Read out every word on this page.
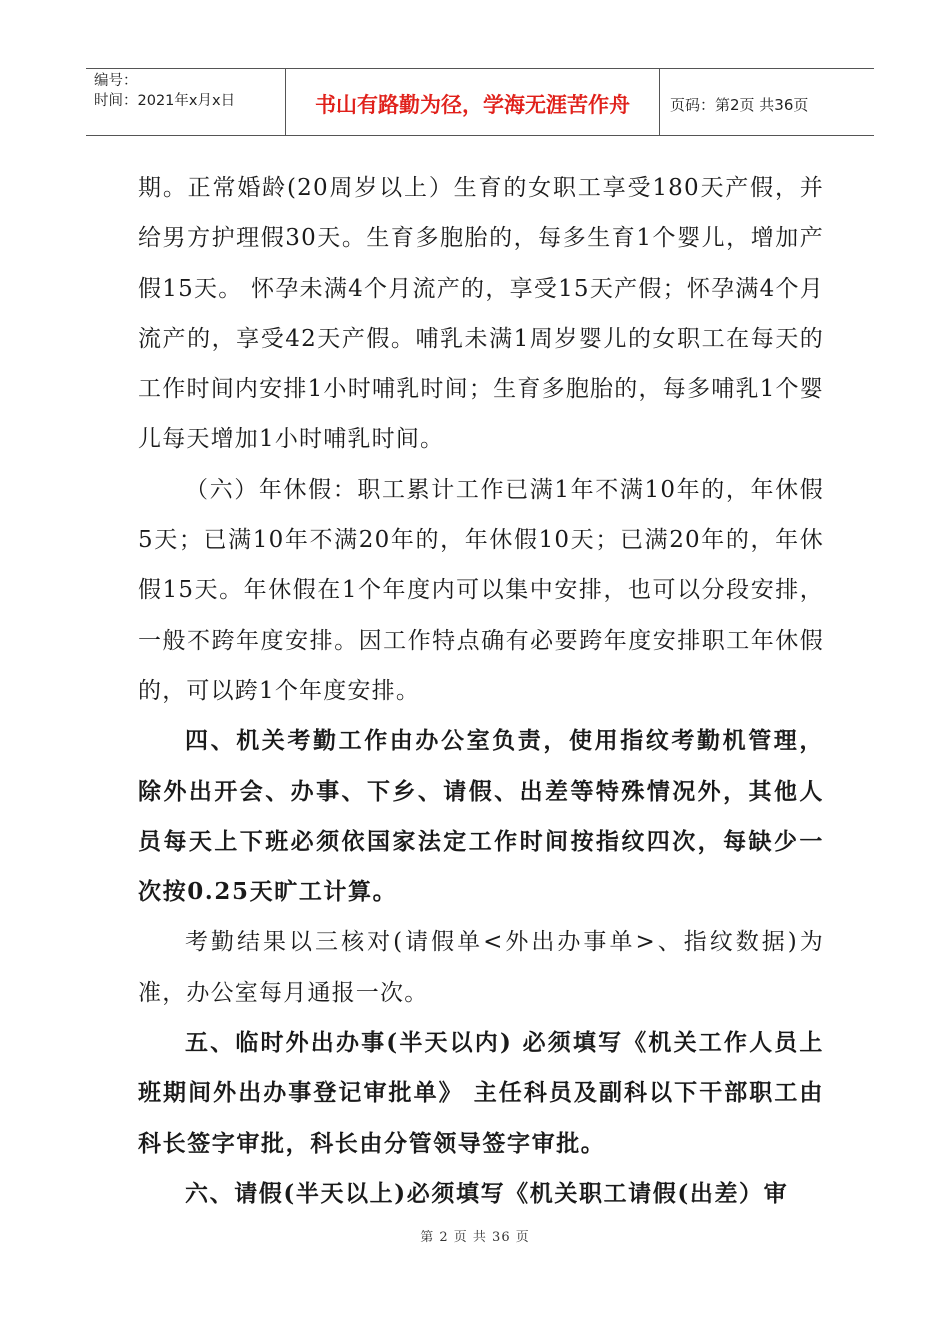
编号：
时间：2021年x月x日	书山有路勤为径，学海无涯苦作舟	页码：第2页 共36页

期。正常婚龄(20周岁以上）生育的女职工享受180天产假，并给男方护理假30天。生育多胞胎的，每多生育1个婴儿，增加产假15天。 怀孕未满4个月流产的，享受15天产假；怀孕满4个月流产的，享受42天产假。哺乳未满1周岁婴儿的女职工在每天的工作时间内安排1小时哺乳时间；生育多胞胎的，每多哺乳1个婴儿每天增加1小时哺乳时间。

（六）年休假：职工累计工作已满1年不满10年的，年休假5天；已满10年不满20年的，年休假10天；已满20年的，年休假15天。年休假在1个年度内可以集中安排，也可以分段安排，一般不跨年度安排。因工作特点确有必要跨年度安排职工年休假的，可以跨1个年度安排。

四、机关考勤工作由办公室负责，使用指纹考勤机管理，除外出开会、办事、下乡、请假、出差等特殊情况外，其他人员每天上下班必须依国家法定工作时间按指纹四次，每缺少一次按0.25天旷工计算。

考勤结果以三核对(请假单<外出办事单>、指纹数据)为准，办公室每月通报一次。

五、临时外出办事(半天以内) 必须填写《机关工作人员上班期间外出办事登记审批单》 主任科员及副科以下干部职工由科长签字审批，科长由分管领导签字审批。

六、请假(半天以上)必须填写《机关职工请假(出差）审

第 2 页 共 36 页
